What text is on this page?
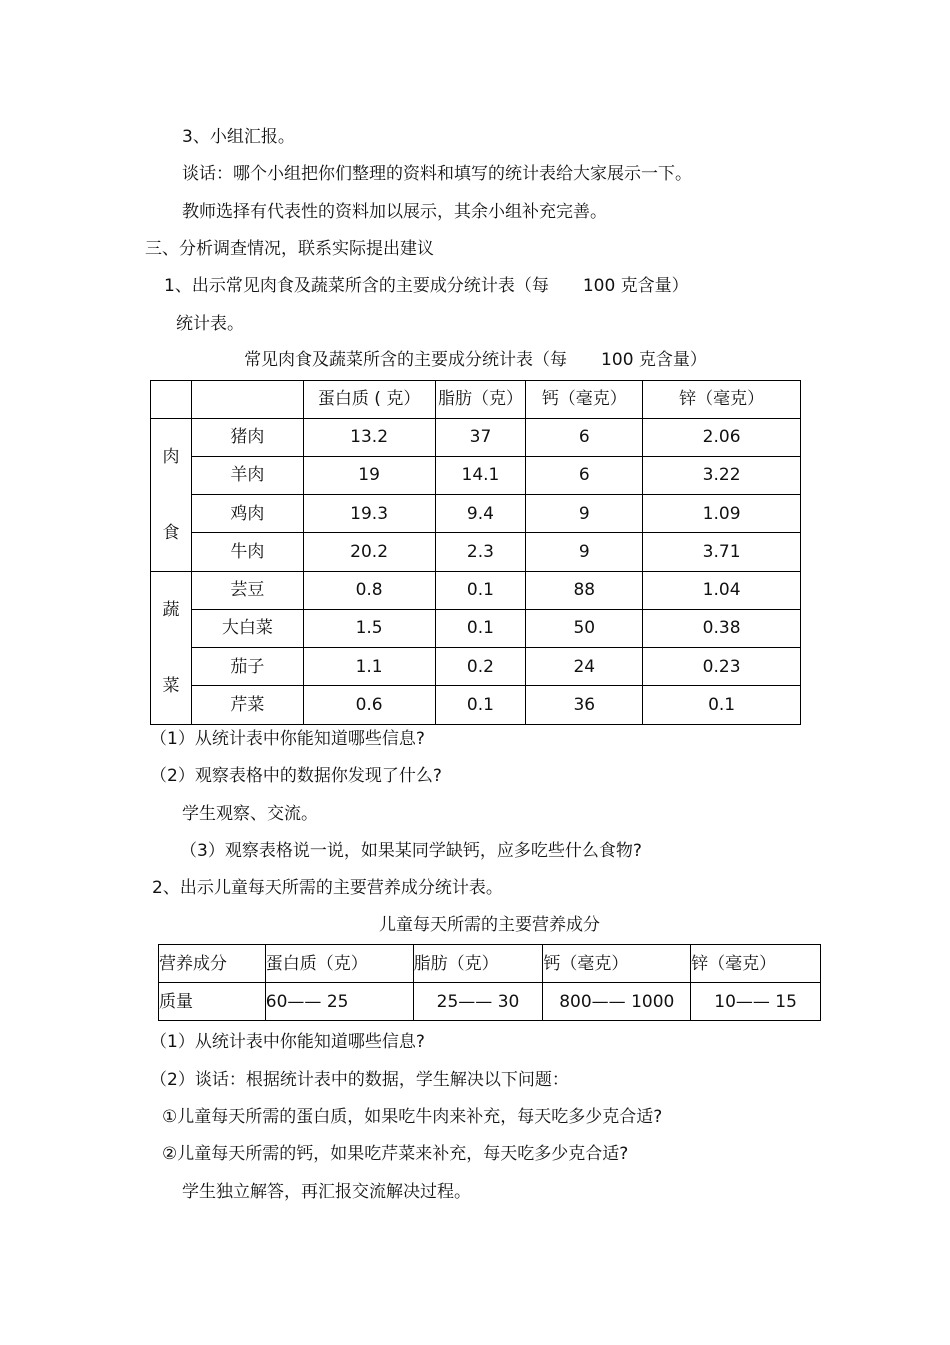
3、小组汇报。
谈话：哪个小组把你们整理的资料和填写的统计表给大家展示一下。
教师选择有代表性的资料加以展示，其余小组补充完善。
三、分析调查情况，联系实际提出建议
1、出示常见肉食及蔬菜所含的主要成分统计表（每　　100 克含量）
统计表。
常见肉食及蔬菜所含的主要成分统计表（每　　100 克含量）
		蛋白质 ( 克）	脂肪（克）	钙（毫克）	锌（毫克）

肉
食	猪肉	13.2	37	6	2.06
	羊肉	19	14.1	6	3.22
	鸡肉	19.3	9.4	9	1.09
	牛肉	20.2	2.3	9	3.71

蔬
菜	芸豆	0.8	0.1	88	1.04
	大白菜	1.5	0.1	50	0.38
	茄子	1.1	0.2	24	0.23
	芹菜	0.6	0.1	36	0.1
（1）从统计表中你能知道哪些信息?
（2）观察表格中的数据你发现了什么?
学生观察、交流。
（3）观察表格说一说，如果某同学缺钙，应多吃些什么食物?
2、出示儿童每天所需的主要营养成分统计表。
儿童每天所需的主要营养成分
营养成分	蛋白质（克）	脂肪（克）	钙（毫克）	锌（毫克）
质量	60—— 25	25—— 30	800—— 1000	10—— 15
（1）从统计表中你能知道哪些信息?
（2）谈话：根据统计表中的数据，学生解决以下问题：
①儿童每天所需的蛋白质，如果吃牛肉来补充，每天吃多少克合适?
②儿童每天所需的钙，如果吃芹菜来补充，每天吃多少克合适?
学生独立解答，再汇报交流解决过程。
